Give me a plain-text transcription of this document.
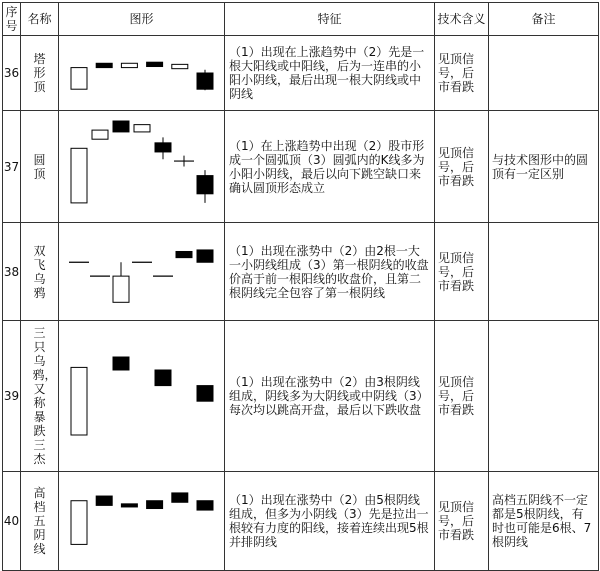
序号	名称	图形	特征	技术含义	备注
36	塔形顶		（1）出现在上涨趋势中（2）先是一根大阳线或中阳线，后为一连串的小阳小阴线，最后出现一根大阴线或中阴线	见顶信号，后市看跌	
37	圆顶		（1）在上涨趋势中出现（2）股市形成一个圆弧顶（3）圆弧内的K线多为小阳小阴线，最后以向下跳空缺口来确认圆顶形态成立	见顶信号，后市看跌	与技术图形中的圆顶有一定区别
38	双飞乌鸦		（1）出现在涨势中（2）由2根一大一小阴线组成（3）第一根阴线的收盘价高于前一根阳线的收盘价，且第二根阴线完全包容了第一根阴线	见顶信号，后市看跌	
39	三只乌鸦，又称暴跌三杰		（1）出现在涨势中（2）由3根阴线组成，阴线多为大阴线或中阴线（3）每次均以跳高开盘，最后以下跌收盘	见顶信号，后市看跌	
40	高档五阴线		（1）出现在涨势中（2）由5根阴线组成，但多为小阴线（3）先是拉出一根较有力度的阳线，接着连续出现5根并排阴线	见顶信号，后市看跌	高档五阴线不一定都是5根阴线，有时也可能是6根、7根阴线
